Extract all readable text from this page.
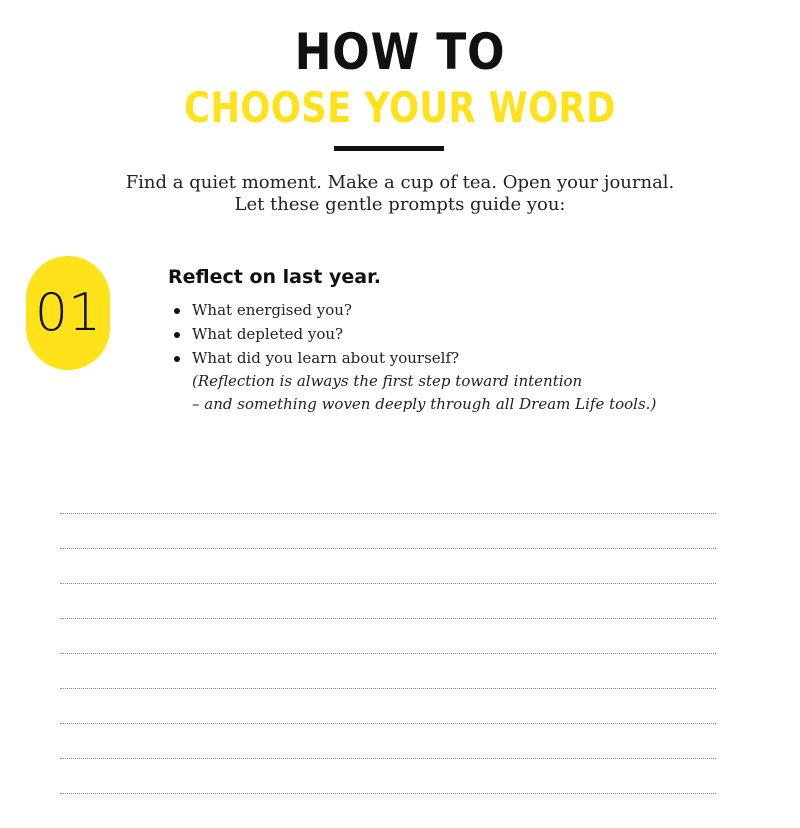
HOW TO
CHOOSE YOUR WORD
Find a quiet moment. Make a cup of tea. Open your journal.
Let these gentle prompts guide you:
01
Reflect on last year.
What energised you?
What depleted you?
What did you learn about yourself?
(Reflection is always the first step toward intention
– and something woven deeply through all Dream Life tools.)
